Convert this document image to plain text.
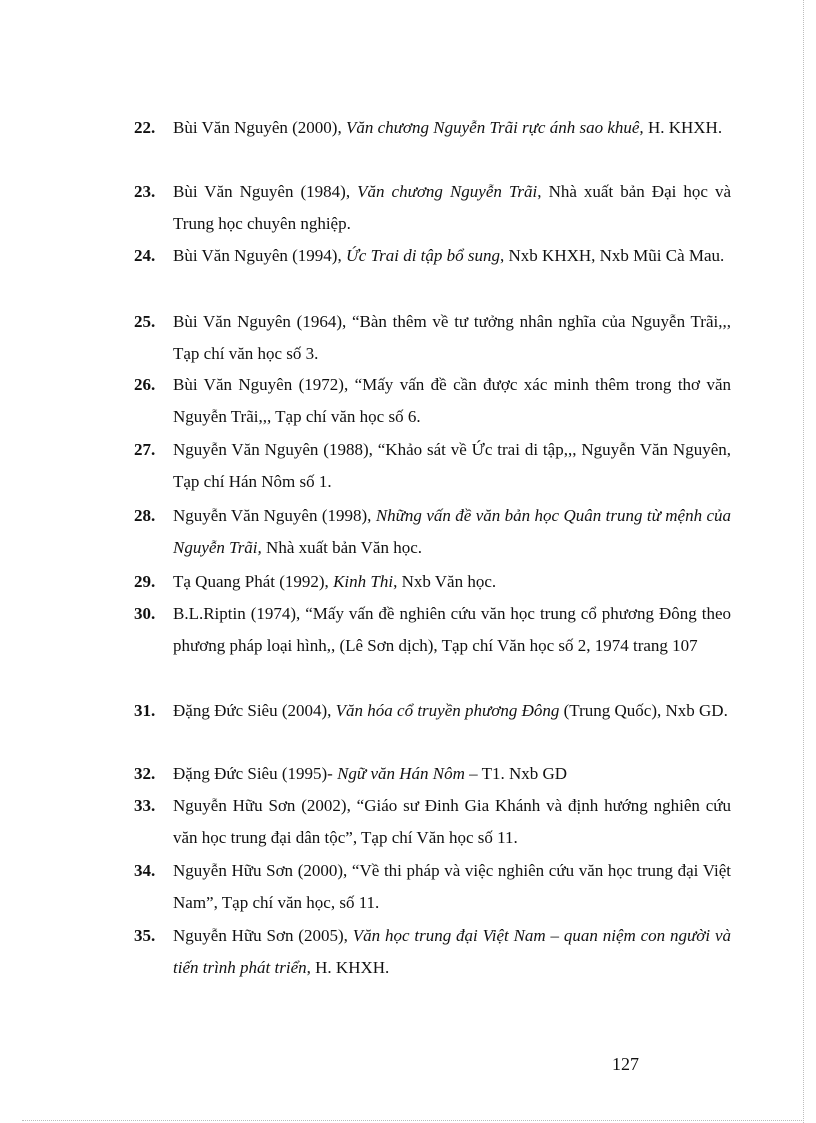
22. Bùi Văn Nguyên (2000), Văn chương Nguyễn Trãi rực ánh sao khuê, H. KHXH.
23. Bùi Văn Nguyên (1984), Văn chương Nguyễn Trãi, Nhà xuất bản Đại học và Trung học chuyên nghiệp.
24. Bùi Văn Nguyên (1994), Ức Trai di tập bổ sung, Nxb KHXH, Nxb Mũi Cà Mau.
25. Bùi Văn Nguyên (1964), “Bàn thêm về tư tưởng nhân nghĩa của Nguyễn Trãi,,, Tạp chí văn học số 3.
26. Bùi Văn Nguyên (1972), “Mấy vấn đề cần được xác minh thêm trong thơ văn Nguyễn Trãi,,, Tạp chí văn học số 6.
27. Nguyễn Văn Nguyên (1988), “Khảo sát về Ức trai di tập,,, Nguyễn Văn Nguyên, Tạp chí Hán Nôm số 1.
28. Nguyễn Văn Nguyên (1998), Những vấn đề văn bản học Quân trung từ mệnh của Nguyễn Trãi, Nhà xuất bản Văn học.
29. Tạ Quang Phát (1992), Kinh Thi, Nxb Văn học.
30. B.L.Riptin (1974), “Mấy vấn đề nghiên cứu văn học trung cổ phương Đông theo phương pháp loại hình,, (Lê Sơn dịch), Tạp chí Văn học số 2, 1974 trang 107
31. Đặng Đức Siêu (2004), Văn hóa cổ truyền phương Đông (Trung Quốc), Nxb GD.
32. Đặng Đức Siêu (1995)- Ngữ văn Hán Nôm – T1. Nxb GD
33. Nguyễn Hữu Sơn (2002), “Giáo sư Đinh Gia Khánh và định hướng nghiên cứu văn học trung đại dân tộc”, Tạp chí Văn học số 11.
34. Nguyễn Hữu Sơn (2000), “Về thi pháp và việc nghiên cứu văn học trung đại Việt Nam”, Tạp chí văn học, số 11.
35. Nguyễn Hữu Sơn (2005), Văn học trung đại Việt Nam – quan niệm con người và tiến trình phát triển, H. KHXH.
127
